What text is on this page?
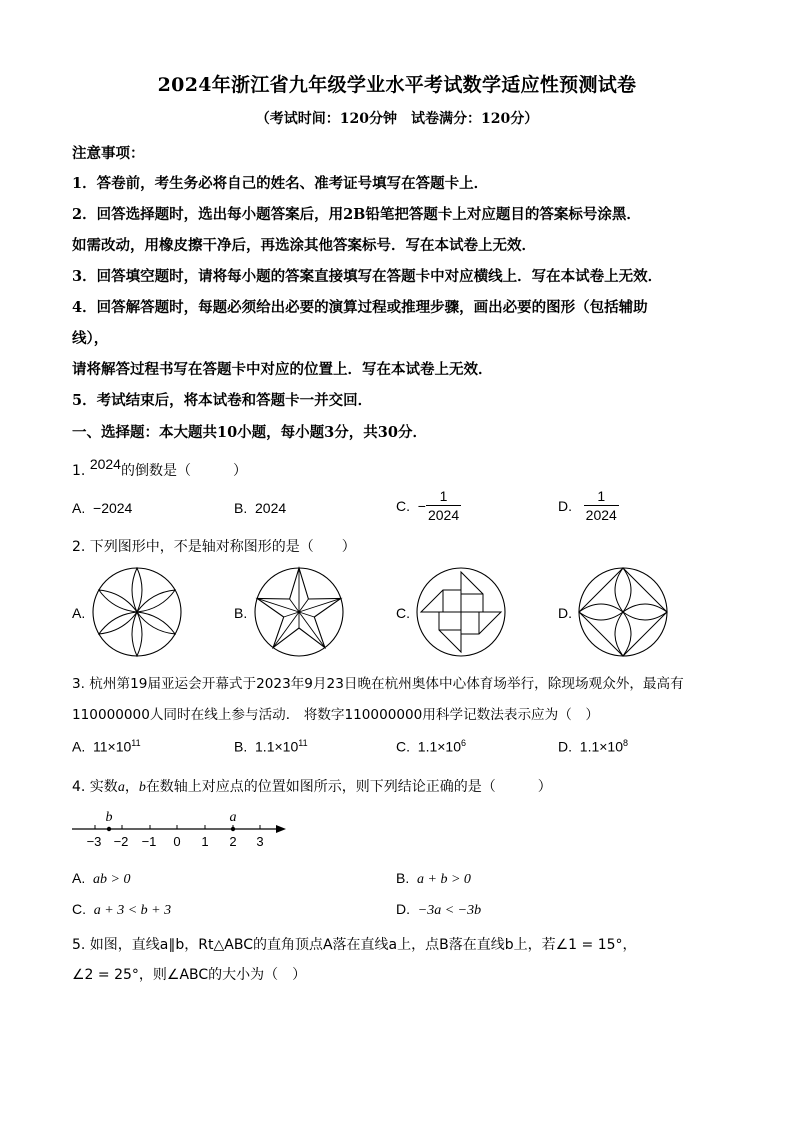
2024年浙江省九年级学业水平考试数学适应性预测试卷
（考试时间：120分钟　试卷满分：120分）
注意事项：
1．答卷前，考生务必将自己的姓名、准考证号填写在答题卡上．
2．回答选择题时，选出每小题答案后，用2B铅笔把答题卡上对应题目的答案标号涂黑．
如需改动，用橡皮擦干净后，再选涂其他答案标号．写在本试卷上无效．
3．回答填空题时，请将每小题的答案直接填写在答题卡中对应横线上．写在本试卷上无效．
4．回答解答题时，每题必须给出必要的演算过程或推理步骤，画出必要的图形（包括辅助
线），
请将解答过程书写在答题卡中对应的位置上．写在本试卷上无效．
5．考试结束后，将本试卷和答题卡一并交回．
一、选择题：本大题共10小题，每小题3分，共30分．
1. 2024的倒数是（　　　）
A. −2024	B. 2024	C.
− $\frac{1}{2024}$	D.
$\frac{1}{2024}$
2. 下列图形中，不是轴对称图形的是（　　）
A.	B.	C.	D.
3. 杭州第19届亚运会开幕式于2023年9月23日晚在杭州奥体中心体育场举行，除现场观众外，最高有
110000000人同时在线上参与活动． 将数字110000000用科学记数法表示应为（　）
A. $11\times 10^{11}$	B. $1.1\times 10^{11}$	C. $1.1\times 10^6$	D. $1.1\times 10^8$
4. 实数a，b在数轴上对应点的位置如图所示，则下列结论正确的是（　　　）
b	a
−3 −2 −1 0 1 2 3
A. ab > 0	B. a + b > 0
C. a + 3 < b + 3	D. −3a < −3b
5. 如图，直线a∥b，Rt△ABC的直角顶点A落在直线a上，点B落在直线b上，若∠1 = 15°，
∠2 = 25°，则∠ABC的大小为（　）
